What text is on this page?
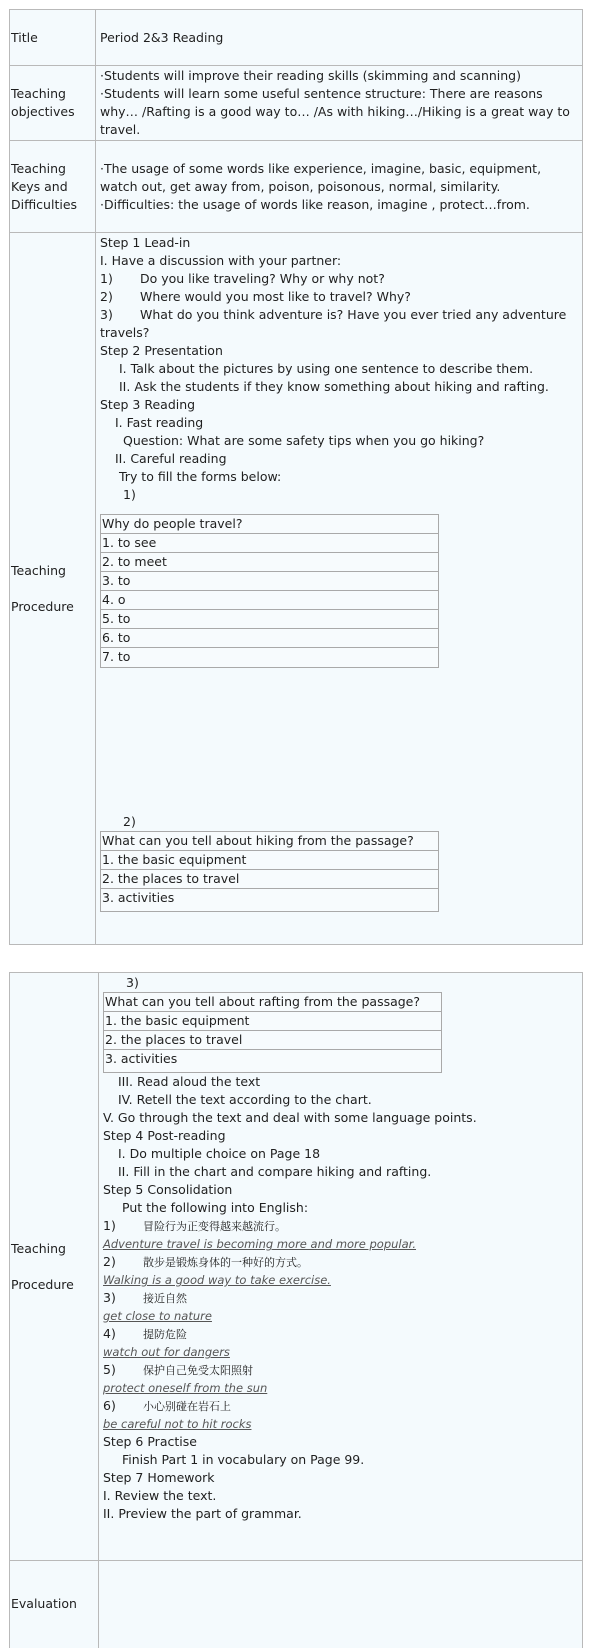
Title	Period 2&3 Reading
Teaching
objectives
·Students will improve their reading skills (skimming and scanning)
·Students will learn some useful sentence structure: There are reasons
why… /Rafting is a good way to… /As with hiking…/Hiking is a great way to
travel.
Teaching
Keys and
Difficulties
·The usage of some words like experience, imagine, basic, equipment,
watch out, get away from, poison, poisonous, normal, similarity.
·Difficulties: the usage of words like reason, imagine , protect…from.
Teaching
Procedure
Step 1 Lead-in
I. Have a discussion with your partner:
1) Do you like traveling? Why or why not?
2) Where would you most like to travel? Why?
3) What do you think adventure is? Have you ever tried any adventure
travels?
Step 2 Presentation
I. Talk about the pictures by using one sentence to describe them.
II. Ask the students if they know something about hiking and rafting.
Step 3 Reading
I. Fast reading
Question: What are some safety tips when you go hiking?
II. Careful reading
Try to fill the forms below:
1)
Why do people travel?
1. to see
2. to meet
3. to
4. o
5. to
6. to
7. to
2)
What can you tell about hiking from the passage?
1. the basic equipment
2. the places to travel
3. activities
Teaching
Procedure
3)
What can you tell about rafting from the passage?
1. the basic equipment
2. the places to travel
3. activities
III. Read aloud the text
IV. Retell the text according to the chart.
V. Go through the text and deal with some language points.
Step 4 Post-reading
I. Do multiple choice on Page 18
II. Fill in the chart and compare hiking and rafting.
Step 5 Consolidation
Put the following into English:
1) 冒险行为正变得越来越流行。
Adventure travel is becoming more and more popular.
2) 散步是锻炼身体的一种好的方式。
Walking is a good way to take exercise.
3) 接近自然
get close to nature
4) 提防危险
watch out for dangers
5) 保护自己免受太阳照射
protect oneself from the sun
6) 小心别碰在岩石上
be careful not to hit rocks
Step 6 Practise
Finish Part 1 in vocabulary on Page 99.
Step 7 Homework
I. Review the text.
II. Preview the part of grammar.
Evaluation
